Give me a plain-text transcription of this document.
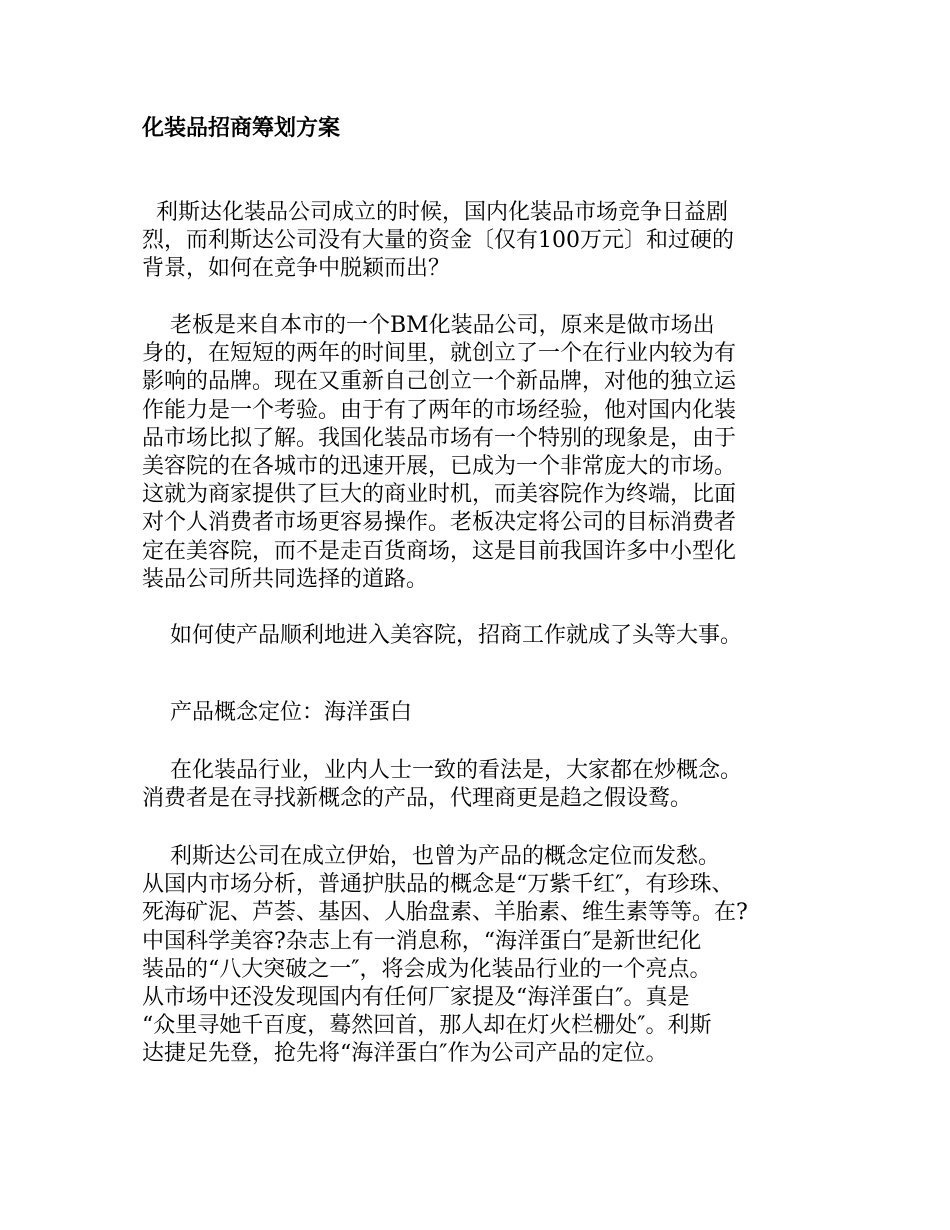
化装品招商筹划方案
利斯达化装品公司成立的时候，国内化装品市场竞争日益剧
烈，而利斯达公司没有大量的资金〔仅有100万元〕和过硬的
背景，如何在竞争中脱颖而出？
老板是来自本市的一个BM化装品公司，原来是做市场出
身的，在短短的两年的时间里，就创立了一个在行业内较为有
影响的品牌。现在又重新自己创立一个新品牌，对他的独立运
作能力是一个考验。由于有了两年的市场经验，他对国内化装
品市场比拟了解。我国化装品市场有一个特别的现象是，由于
美容院的在各城市的迅速开展，已成为一个非常庞大的市场。
这就为商家提供了巨大的商业时机，而美容院作为终端，比面
对个人消费者市场更容易操作。老板决定将公司的目标消费者
定在美容院，而不是走百货商场，这是目前我国许多中小型化
装品公司所共同选择的道路。
如何使产品顺利地进入美容院，招商工作就成了头等大事。
产品概念定位：海洋蛋白
在化装品行业，业内人士一致的看法是，大家都在炒概念。
消费者是在寻找新概念的产品，代理商更是趋之假设鹜。
利斯达公司在成立伊始，也曾为产品的概念定位而发愁。
从国内市场分析，普通护肤品的概念是“万紫千红″，有珍珠、
死海矿泥、芦荟、基因、人胎盘素、羊胎素、维生素等等。在?
中国科学美容?杂志上有一消息称，“海洋蛋白″是新世纪化
装品的“八大突破之一″，将会成为化装品行业的一个亮点。
从市场中还没发现国内有任何厂家提及“海洋蛋白″。真是
“众里寻她千百度，蓦然回首，那人却在灯火栏栅处″。利斯
达捷足先登，抢先将“海洋蛋白″作为公司产品的定位。
